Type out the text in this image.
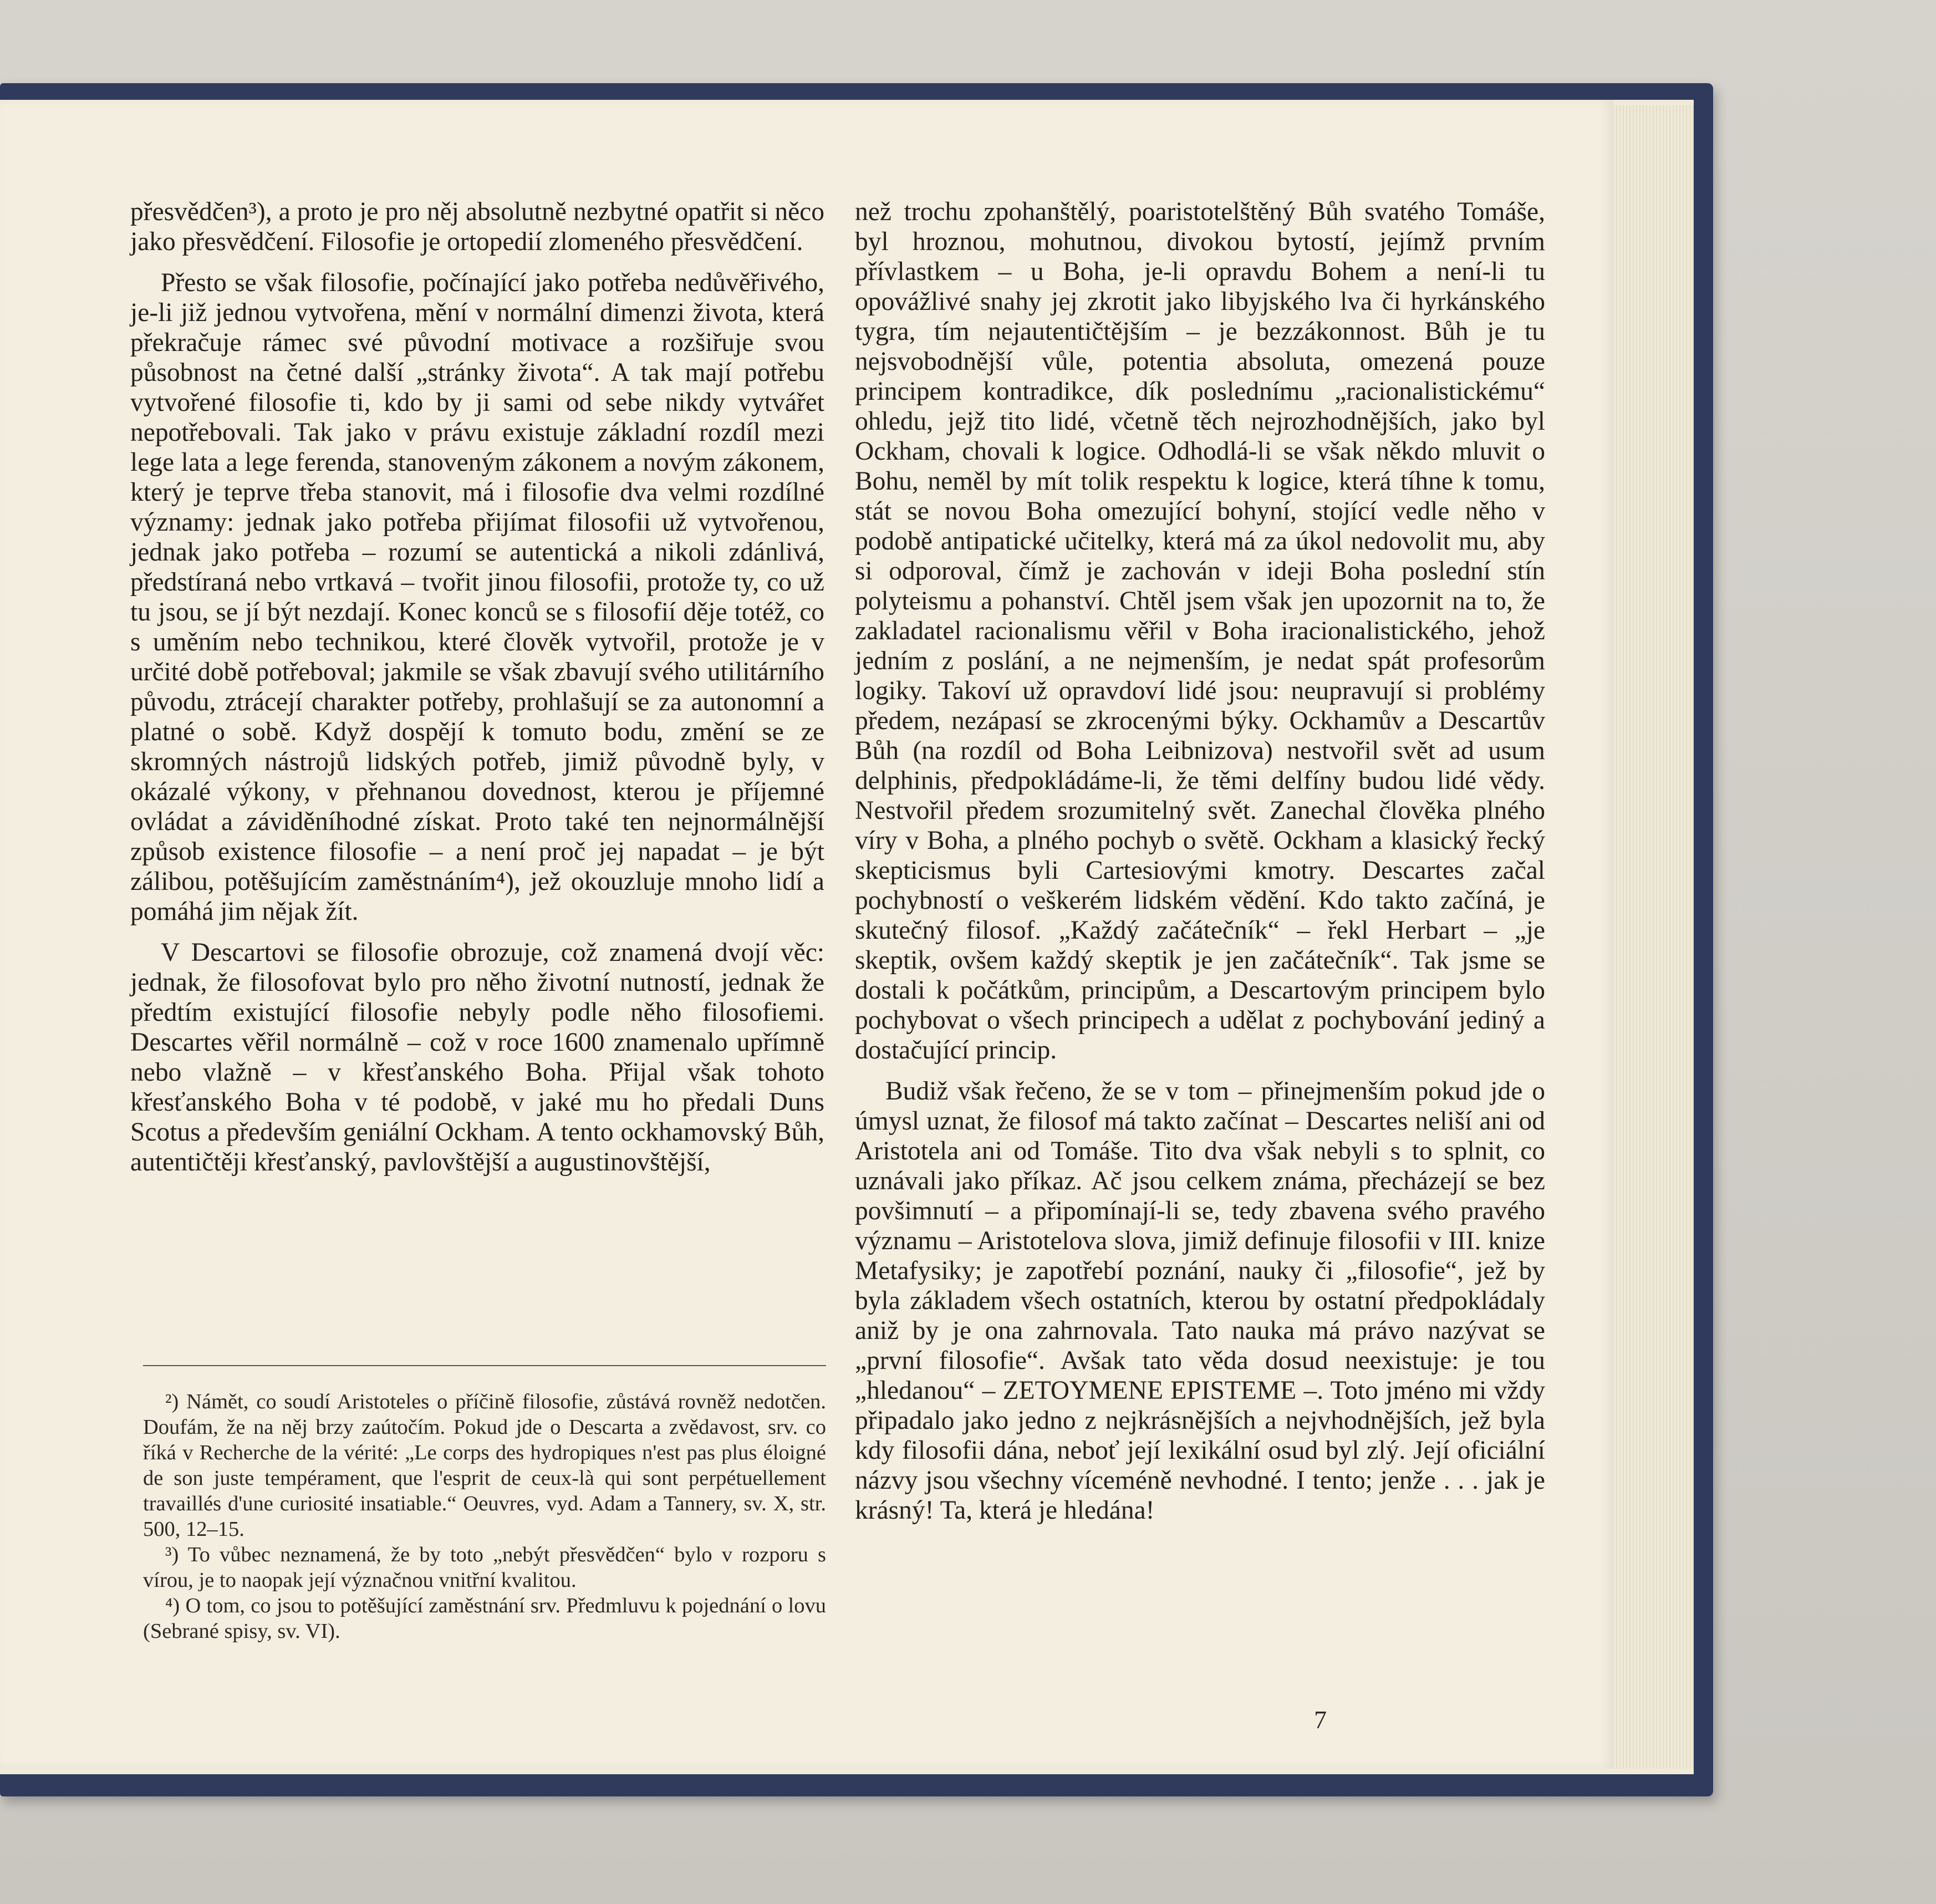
přesvědčen³), a proto je pro něj absolutně nezbytné opatřit si něco jako přesvědčení. Filosofie je ortopedií zlomeného přesvědčení.

Přesto se však filosofie, počínající jako potřeba nedůvěřivého, je-li již jednou vytvořena, mění v normální dimenzi života, která překračuje rámec své původní motivace a rozšiřuje svou působnost na četné další „stránky života“. A tak mají potřebu vytvořené filosofie ti, kdo by ji sami od sebe nikdy vytvářet nepotřebovali. Tak jako v právu existuje základní rozdíl mezi lege lata a lege ferenda, stanoveným zákonem a novým zákonem, který je teprve třeba stanovit, má i filosofie dva velmi rozdílné významy: jednak jako potřeba přijímat filosofii už vytvořenou, jednak jako potřeba – rozumí se autentická a nikoli zdánlivá, předstíraná nebo vrtkavá – tvořit jinou filosofii, protože ty, co už tu jsou, se jí být nezdají. Konec konců se s filosofií děje totéž, co s uměním nebo technikou, které člověk vytvořil, protože je v určité době potřeboval; jakmile se však zbavují svého utilitárního původu, ztrácejí charakter potřeby, prohlašují se za autonomní a platné o sobě. Když dospějí k tomuto bodu, změní se ze skromných nástrojů lidských potřeb, jimiž původně byly, v okázalé výkony, v přehnanou dovednost, kterou je příjemné ovládat a záviděníhodné získat. Proto také ten nejnormálnější způsob existence filosofie – a není proč jej napadat – je být zálibou, potěšujícím zaměstnáním⁴), jež okouzluje mnoho lidí a pomáhá jim nějak žít.

V Descartovi se filosofie obrozuje, což znamená dvojí věc: jednak, že filosofovat bylo pro něho životní nutností, jednak že předtím existující filosofie nebyly podle něho filosofiemi. Descartes věřil normálně – což v roce 1600 znamenalo upřímně nebo vlažně – v křesťanského Boha. Přijal však tohoto křesťanského Boha v té podobě, v jaké mu ho předali Duns Scotus a především geniální Ockham. A tento ockhamovský Bůh, autentičtěji křesťanský, pavlovštější a augustinovštější,

²) Námět, co soudí Aristoteles o příčině filosofie, zůstává rovněž nedotčen. Doufám, že na něj brzy zaútočím. Pokud jde o Descarta a zvědavost, srv. co říká v Recherche de la vérité: „Le corps des hydropiques n'est pas plus éloigné de son juste tempérament, que l'esprit de ceux-là qui sont perpétuellement travaillés d'une curiosité insatiable.“ Oeuvres, vyd. Adam a Tannery, sv. X, str. 500, 12–15.

³) To vůbec neznamená, že by toto „nebýt přesvědčen“ bylo v rozporu s vírou, je to naopak její význačnou vnitřní kvalitou.

⁴) O tom, co jsou to potěšující zaměstnání srv. Předmluvu k pojednání o lovu (Sebrané spisy, sv. VI).

než trochu zpohanštělý, poaristotelštěný Bůh svatého Tomáše, byl hroznou, mohutnou, divokou bytostí, jejímž prvním přívlastkem – u Boha, je-li opravdu Bohem a není-li tu opovážlivé snahy jej zkrotit jako libyjského lva či hyrkánského tygra, tím nejautentičtějším – je bezzákonnost. Bůh je tu nejsvobodnější vůle, potentia absoluta, omezená pouze principem kontradikce, dík poslednímu „racionalistickému“ ohledu, jejž tito lidé, včetně těch nejrozhodnějších, jako byl Ockham, chovali k logice. Odhodlá-li se však někdo mluvit o Bohu, neměl by mít tolik respektu k logice, která tíhne k tomu, stát se novou Boha omezující bohyní, stojící vedle něho v podobě antipatické učitelky, která má za úkol nedovolit mu, aby si odporoval, čímž je zachován v ideji Boha poslední stín polyteismu a pohanství. Chtěl jsem však jen upozornit na to, že zakladatel racionalismu věřil v Boha iracionalistického, jehož jedním z poslání, a ne nejmenším, je nedat spát profesorům logiky. Takoví už opravdoví lidé jsou: neupravují si problémy předem, nezápasí se zkrocenými býky. Ockhamův a Descartův Bůh (na rozdíl od Boha Leibnizova) nestvořil svět ad usum delphinis, předpokládáme-li, že těmi delfíny budou lidé vědy. Nestvořil předem srozumitelný svět. Zanechal člověka plného víry v Boha, a plného pochyb o světě. Ockham a klasický řecký skepticismus byli Cartesiovými kmotry. Descartes začal pochybností o veškerém lidském vědění. Kdo takto začíná, je skutečný filosof. „Každý začátečník“ – řekl Herbart – „je skeptik, ovšem každý skeptik je jen začátečník“. Tak jsme se dostali k počátkům, principům, a Descartovým principem bylo pochybovat o všech principech a udělat z pochybování jediný a dostačující princip.

Budiž však řečeno, že se v tom – přinejmenším pokud jde o úmysl uznat, že filosof má takto začínat – Descartes neliší ani od Aristotela ani od Tomáše. Tito dva však nebyli s to splnit, co uznávali jako příkaz. Ač jsou celkem známa, přecházejí se bez povšimnutí – a připomínají-li se, tedy zbavena svého pravého významu – Aristotelova slova, jimiž definuje filosofii v III. knize Metafysiky; je zapotřebí poznání, nauky či „filosofie“, jež by byla základem všech ostatních, kterou by ostatní předpokládaly aniž by je ona zahrnovala. Tato nauka má právo nazývat se „první filosofie“. Avšak tato věda dosud neexistuje: je tou „hledanou“ – ZETOYMENE EPISTEME –. Toto jméno mi vždy připadalo jako jedno z nejkrásnějších a nejvhodnějších, jež byla kdy filosofii dána, neboť její lexikální osud byl zlý. Její oficiální názvy jsou všechny víceméně nevhodné. I tento; jenže . . . jak je krásný! Ta, která je hledána!

7
